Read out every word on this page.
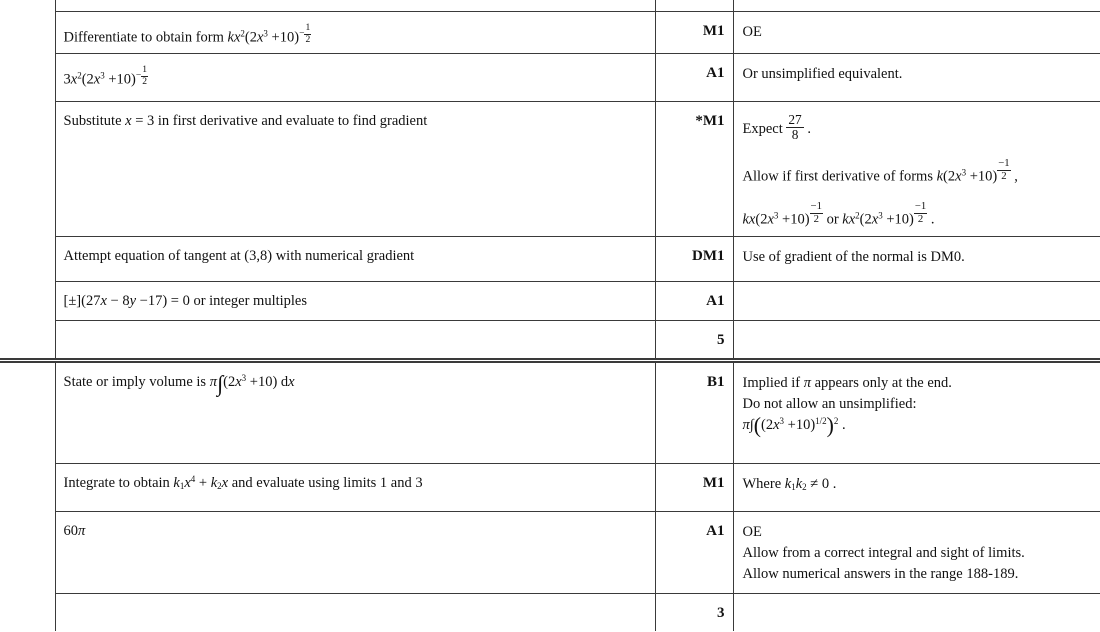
	Differentiate to obtain form $kx^2(2x^3 +10)^{- \frac{1}{2}}$	M1	OE

	$3x^2(2x^3 +10)^{- \frac{1}{2}}$	A1	Or unsimplified equivalent.

Substitute x = 3 in first derivative and evaluate to find gradient	*M1	Expect $\frac{27}{8}$ .
Allow if first derivative of forms $k(2x^3 +10)$ $^{\frac{-1}{2}}$ ,
$kx(2x^3 +10)$ $^{\frac{-1}{2}}$ or $kx^2(2x^3 +10)$ $^{\frac{-1}{2}}$ .

	Attempt equation of tangent at (3,8) with numerical gradient	DM1	Use of gradient of the normal is DM0.

	[±](27x − 8y −17) = 0 or integer multiples	A1	
		5	
	State or imply volume is $\pi\int(2x^3 +10)$ dx	B1	Implied if π appears only at the end.
Do not allow an unsimplified:
$\pi\int((2x^3 +10)^{1/2})^2$ .

	Integrate to obtain $k_1x^4 + k_2x$ and evaluate using limits 1 and 3	M1	Where $k_1k_2 \ne 0$ .

	60π	A1	OE
Allow from a correct integral and sight of limits.
Allow numerical answers in the range 188-189.

		3	
